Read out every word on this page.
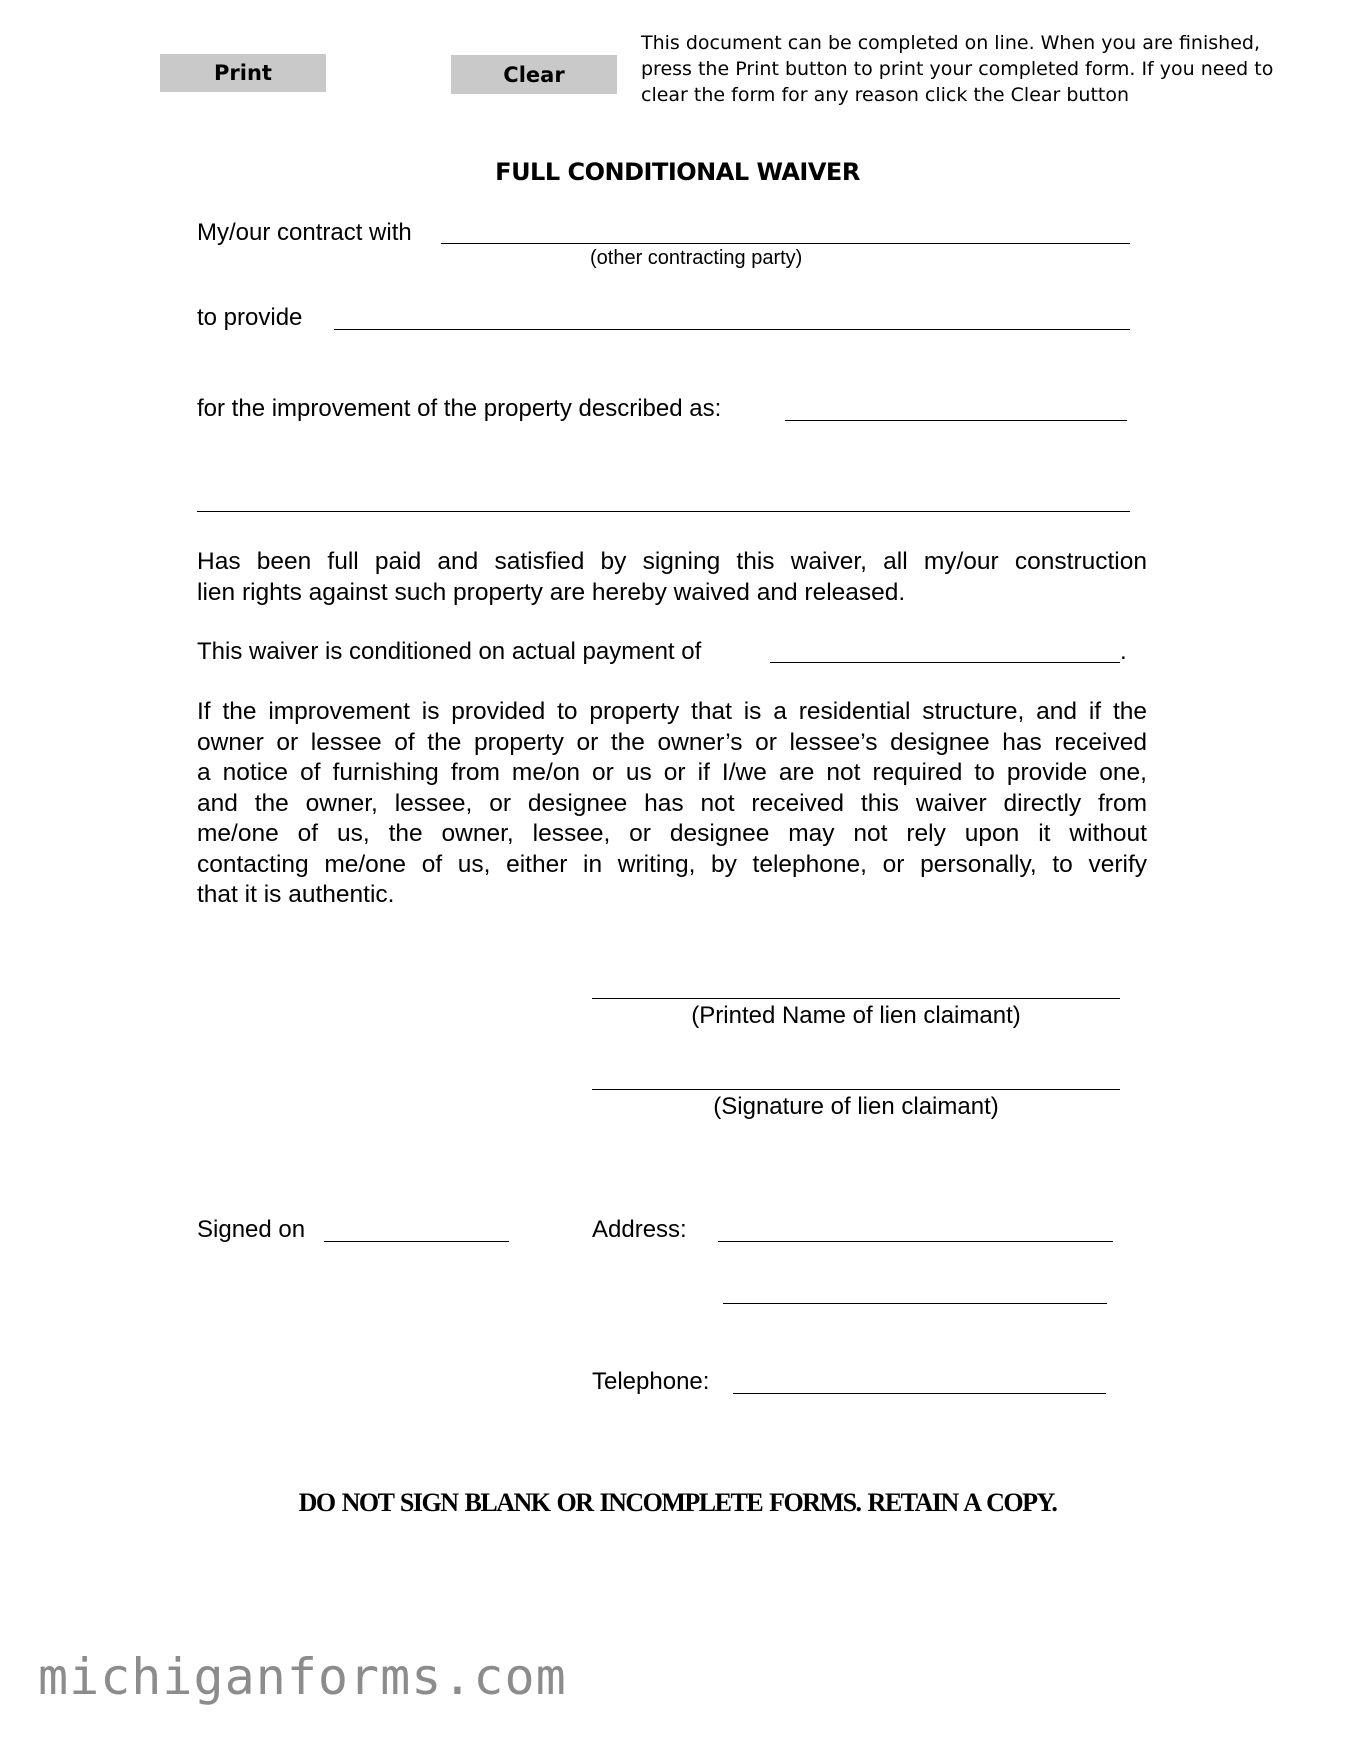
Print	Clear

This document can be completed on line. When you are finished,
press the Print button to print your completed form. If you need to
clear the form for any reason click the Clear button

FULL CONDITIONAL WAIVER
My/our contract with
(other contracting party)
to provide
for the improvement of the property described as:

Has been full paid and satisfied by signing this waiver, all my/our construction
lien rights against such property are hereby waived and released.

This waiver is conditioned on actual payment of	.

If the improvement is provided to property that is a residential structure, and if the
owner or lessee of the property or the owner’s or lessee’s designee has received
a notice of furnishing from me/on or us or if I/we are not required to provide one,
and the owner, lessee, or designee has not received this waiver directly from
me/one of us, the owner, lessee, or designee may not rely upon it without
contacting me/one of us, either in writing, by telephone, or personally, to verify
that it is authentic.

(Printed Name of lien claimant)
(Signature of lien claimant)
Signed on	Address:
Telephone:
DO NOT SIGN BLANK OR INCOMPLETE FORMS. RETAIN A COPY.
michiganforms.com
